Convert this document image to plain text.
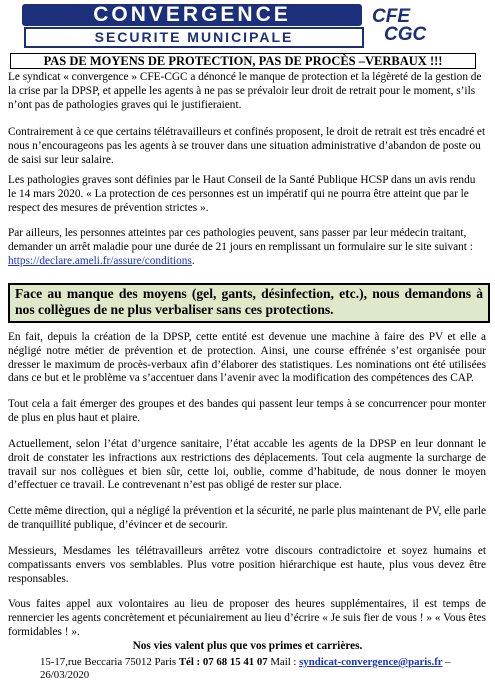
CONVERGENCE
SECURITE MUNICIPALE
CFE
CGC
PAS DE MOYENS DE PROTECTION, PAS DE PROCÈS –VERBAUX !!!

Le syndicat « convergence » CFE-CGC a dénoncé le manque de protection et la légèreté de la gestion de la crise par la DPSP, et appelle les agents à ne pas se prévaloir leur droit de retrait pour le moment, s’ils n’ont pas de pathologies graves qui le justifieraient.

Contrairement à ce que certains télétravailleurs et confinés proposent, le droit de retrait est très encadré et nous n’encourageons pas les agents à se trouver dans une situation administrative d’abandon de poste ou de saisi sur leur salaire.

Les pathologies graves sont définies par le Haut Conseil de la Santé Publique HCSP dans un avis rendu le 14 mars 2020. « La protection de ces personnes est un impératif qui ne pourra être atteint que par le respect des mesures de prévention strictes ».

Par ailleurs, les personnes atteintes par ces pathologies peuvent, sans passer par leur médecin traitant, demander un arrêt maladie pour une durée de 21 jours en remplissant un formulaire sur le site suivant : https://declare.ameli.fr/assure/conditions.

Face au manque des moyens (gel, gants, désinfection, etc.), nous demandons à nos collègues de ne plus verbaliser sans ces protections.

En fait, depuis la création de la DPSP, cette entité est devenue une machine à faire des PV et elle a négligé notre métier de prévention et de protection. Ainsi, une course effrénée s’est organisée pour dresser le maximum de procès-verbaux afin d’élaborer des statistiques. Les nominations ont été utilisées dans ce but et le problème va s’accentuer dans l’avenir avec la modification des compétences des CAP.

Tout cela a fait émerger des groupes et des bandes qui passent leur temps à se concurrencer pour monter de plus en plus haut et plaire.

Actuellement, selon l’état d’urgence sanitaire, l’état accable les agents de la DPSP en leur donnant le droit de constater les infractions aux restrictions des déplacements. Tout cela augmente la surcharge de travail sur nos collègues et bien sûr, cette loi, oublie, comme d’habitude, de nous donner le moyen d’effectuer ce travail. Le contrevenant n’est pas obligé de rester sur place.

Cette même direction, qui a négligé la prévention et la sécurité, ne parle plus maintenant de PV, elle parle de tranquillité publique, d’évincer et de secourir.

Messieurs, Mesdames les télétravailleurs arrêtez votre discours contradictoire et soyez humains et compatissants envers vos semblables. Plus votre position hiérarchique est haute, plus vous devez être responsables.

Vous faites appel aux volontaires au lieu de proposer des heures supplémentaires, il est temps de rennercier les agents concrètement et pécuniairement au lieu d’écrire « Je suis fier de vous ! » « Vous êtes formidables ! ».

Nos vies valent plus que vos primes et carrières.
15-17,rue Beccaria 75012 Paris Tél : 07 68 15 41 07 Mail : syndicat-convergence@paris.fr –
26/03/2020
